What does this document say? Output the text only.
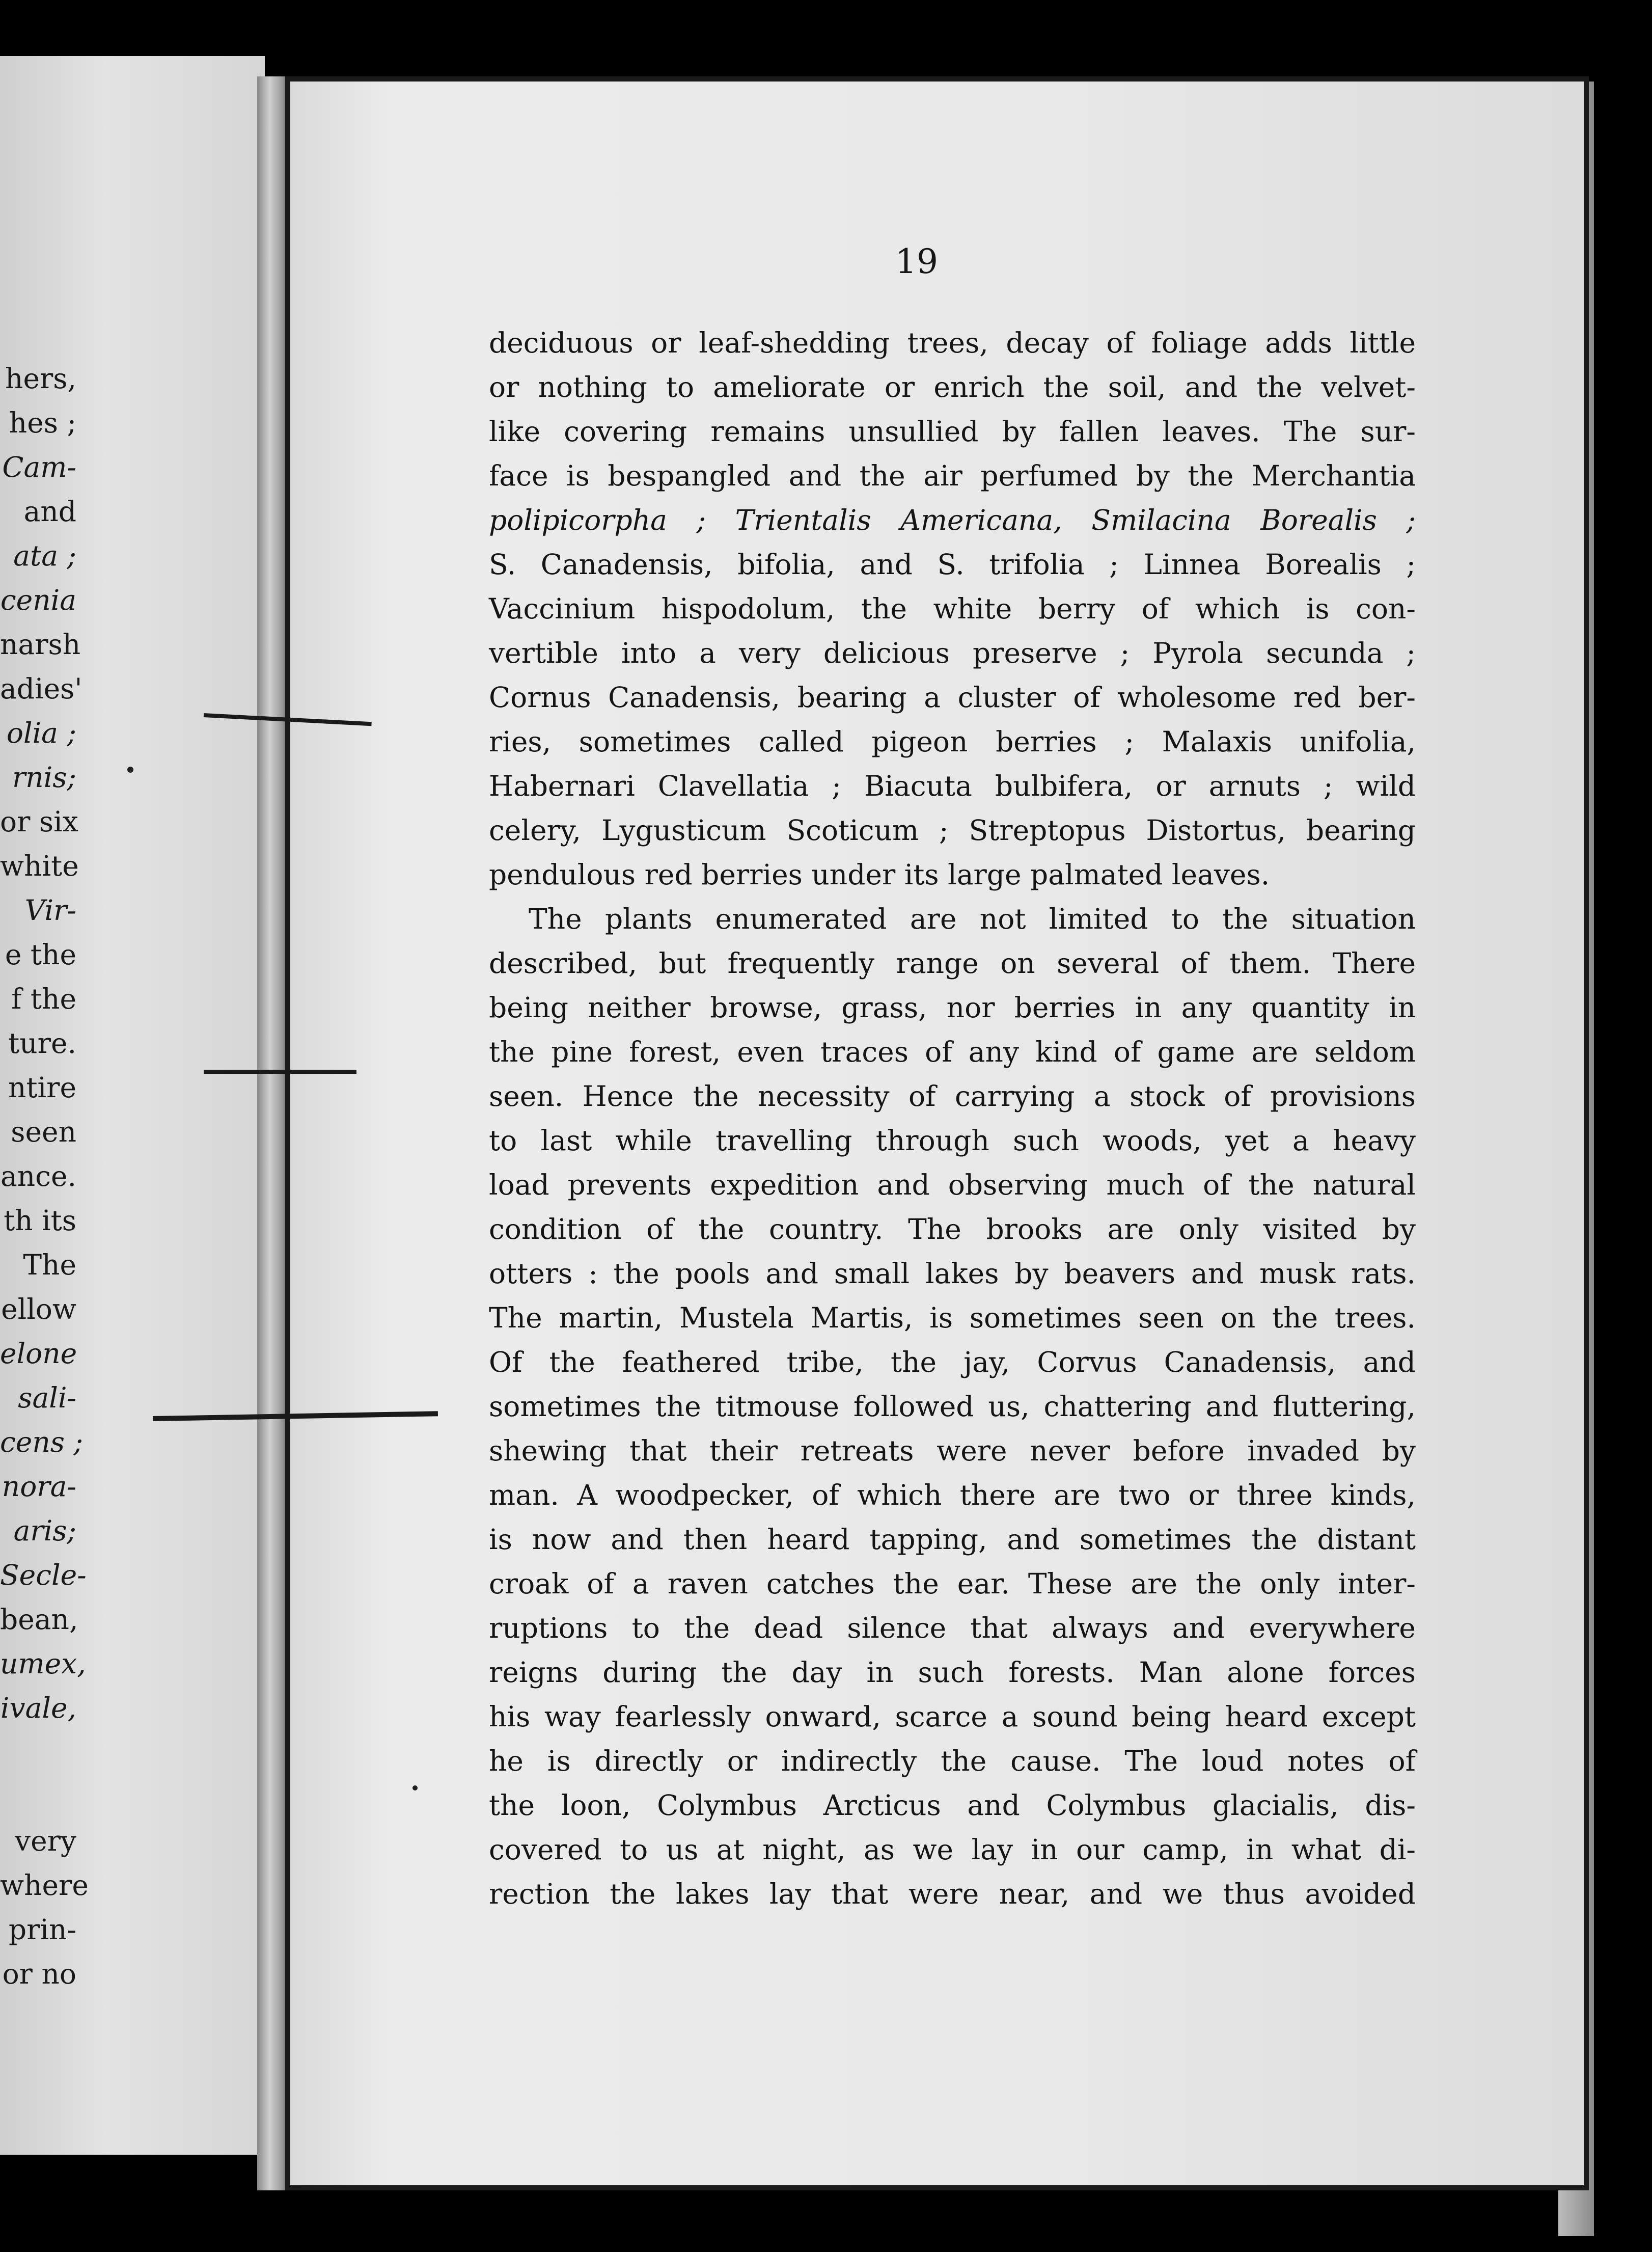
hers,
hes ;
Cam-
and
ata ;
cenia
narsh
adies'
olia ;
rnis;
or six
white
Vir-
e the
f the
ture.
ntire
seen
ance.
th its
The
ellow
elone
sali-
cens ;
nora-
aris;
Secle-
bean,
umex,
ivale,
very
where
prin-
or no
19
deciduous or leaf-shedding trees, decay of foliage adds little
or nothing to ameliorate or enrich the soil, and the velvet-
like covering remains unsullied by fallen leaves. The sur-
face is bespangled and the air perfumed by the Merchantia
polipicorpha ; Trientalis Americana, Smilacina Borealis ;
S. Canadensis, bifolia, and S. trifolia ; Linnea Borealis ;
Vaccinium hispodolum, the white berry of which is con-
vertible into a very delicious preserve ; Pyrola secunda ;
Cornus Canadensis, bearing a cluster of wholesome red ber-
ries, sometimes called pigeon berries ; Malaxis unifolia,
Habernari Clavellatia ; Biacuta bulbifera, or arnuts ; wild
celery, Lygusticum Scoticum ; Streptopus Distortus, bearing
pendulous red berries under its large palmated leaves.
The plants enumerated are not limited to the situation
described, but frequently range on several of them. There
being neither browse, grass, nor berries in any quantity in
the pine forest, even traces of any kind of game are seldom
seen. Hence the necessity of carrying a stock of provisions
to last while travelling through such woods, yet a heavy
load prevents expedition and observing much of the natural
condition of the country. The brooks are only visited by
otters : the pools and small lakes by beavers and musk rats.
The martin, Mustela Martis, is sometimes seen on the trees.
Of the feathered tribe, the jay, Corvus Canadensis, and
sometimes the titmouse followed us, chattering and fluttering,
shewing that their retreats were never before invaded by
man. A woodpecker, of which there are two or three kinds,
is now and then heard tapping, and sometimes the distant
croak of a raven catches the ear. These are the only inter-
ruptions to the dead silence that always and everywhere
reigns during the day in such forests. Man alone forces
his way fearlessly onward, scarce a sound being heard except
he is directly or indirectly the cause. The loud notes of
the loon, Colymbus Arcticus and Colymbus glacialis, dis-
covered to us at night, as we lay in our camp, in what di-
rection the lakes lay that were near, and we thus avoided
